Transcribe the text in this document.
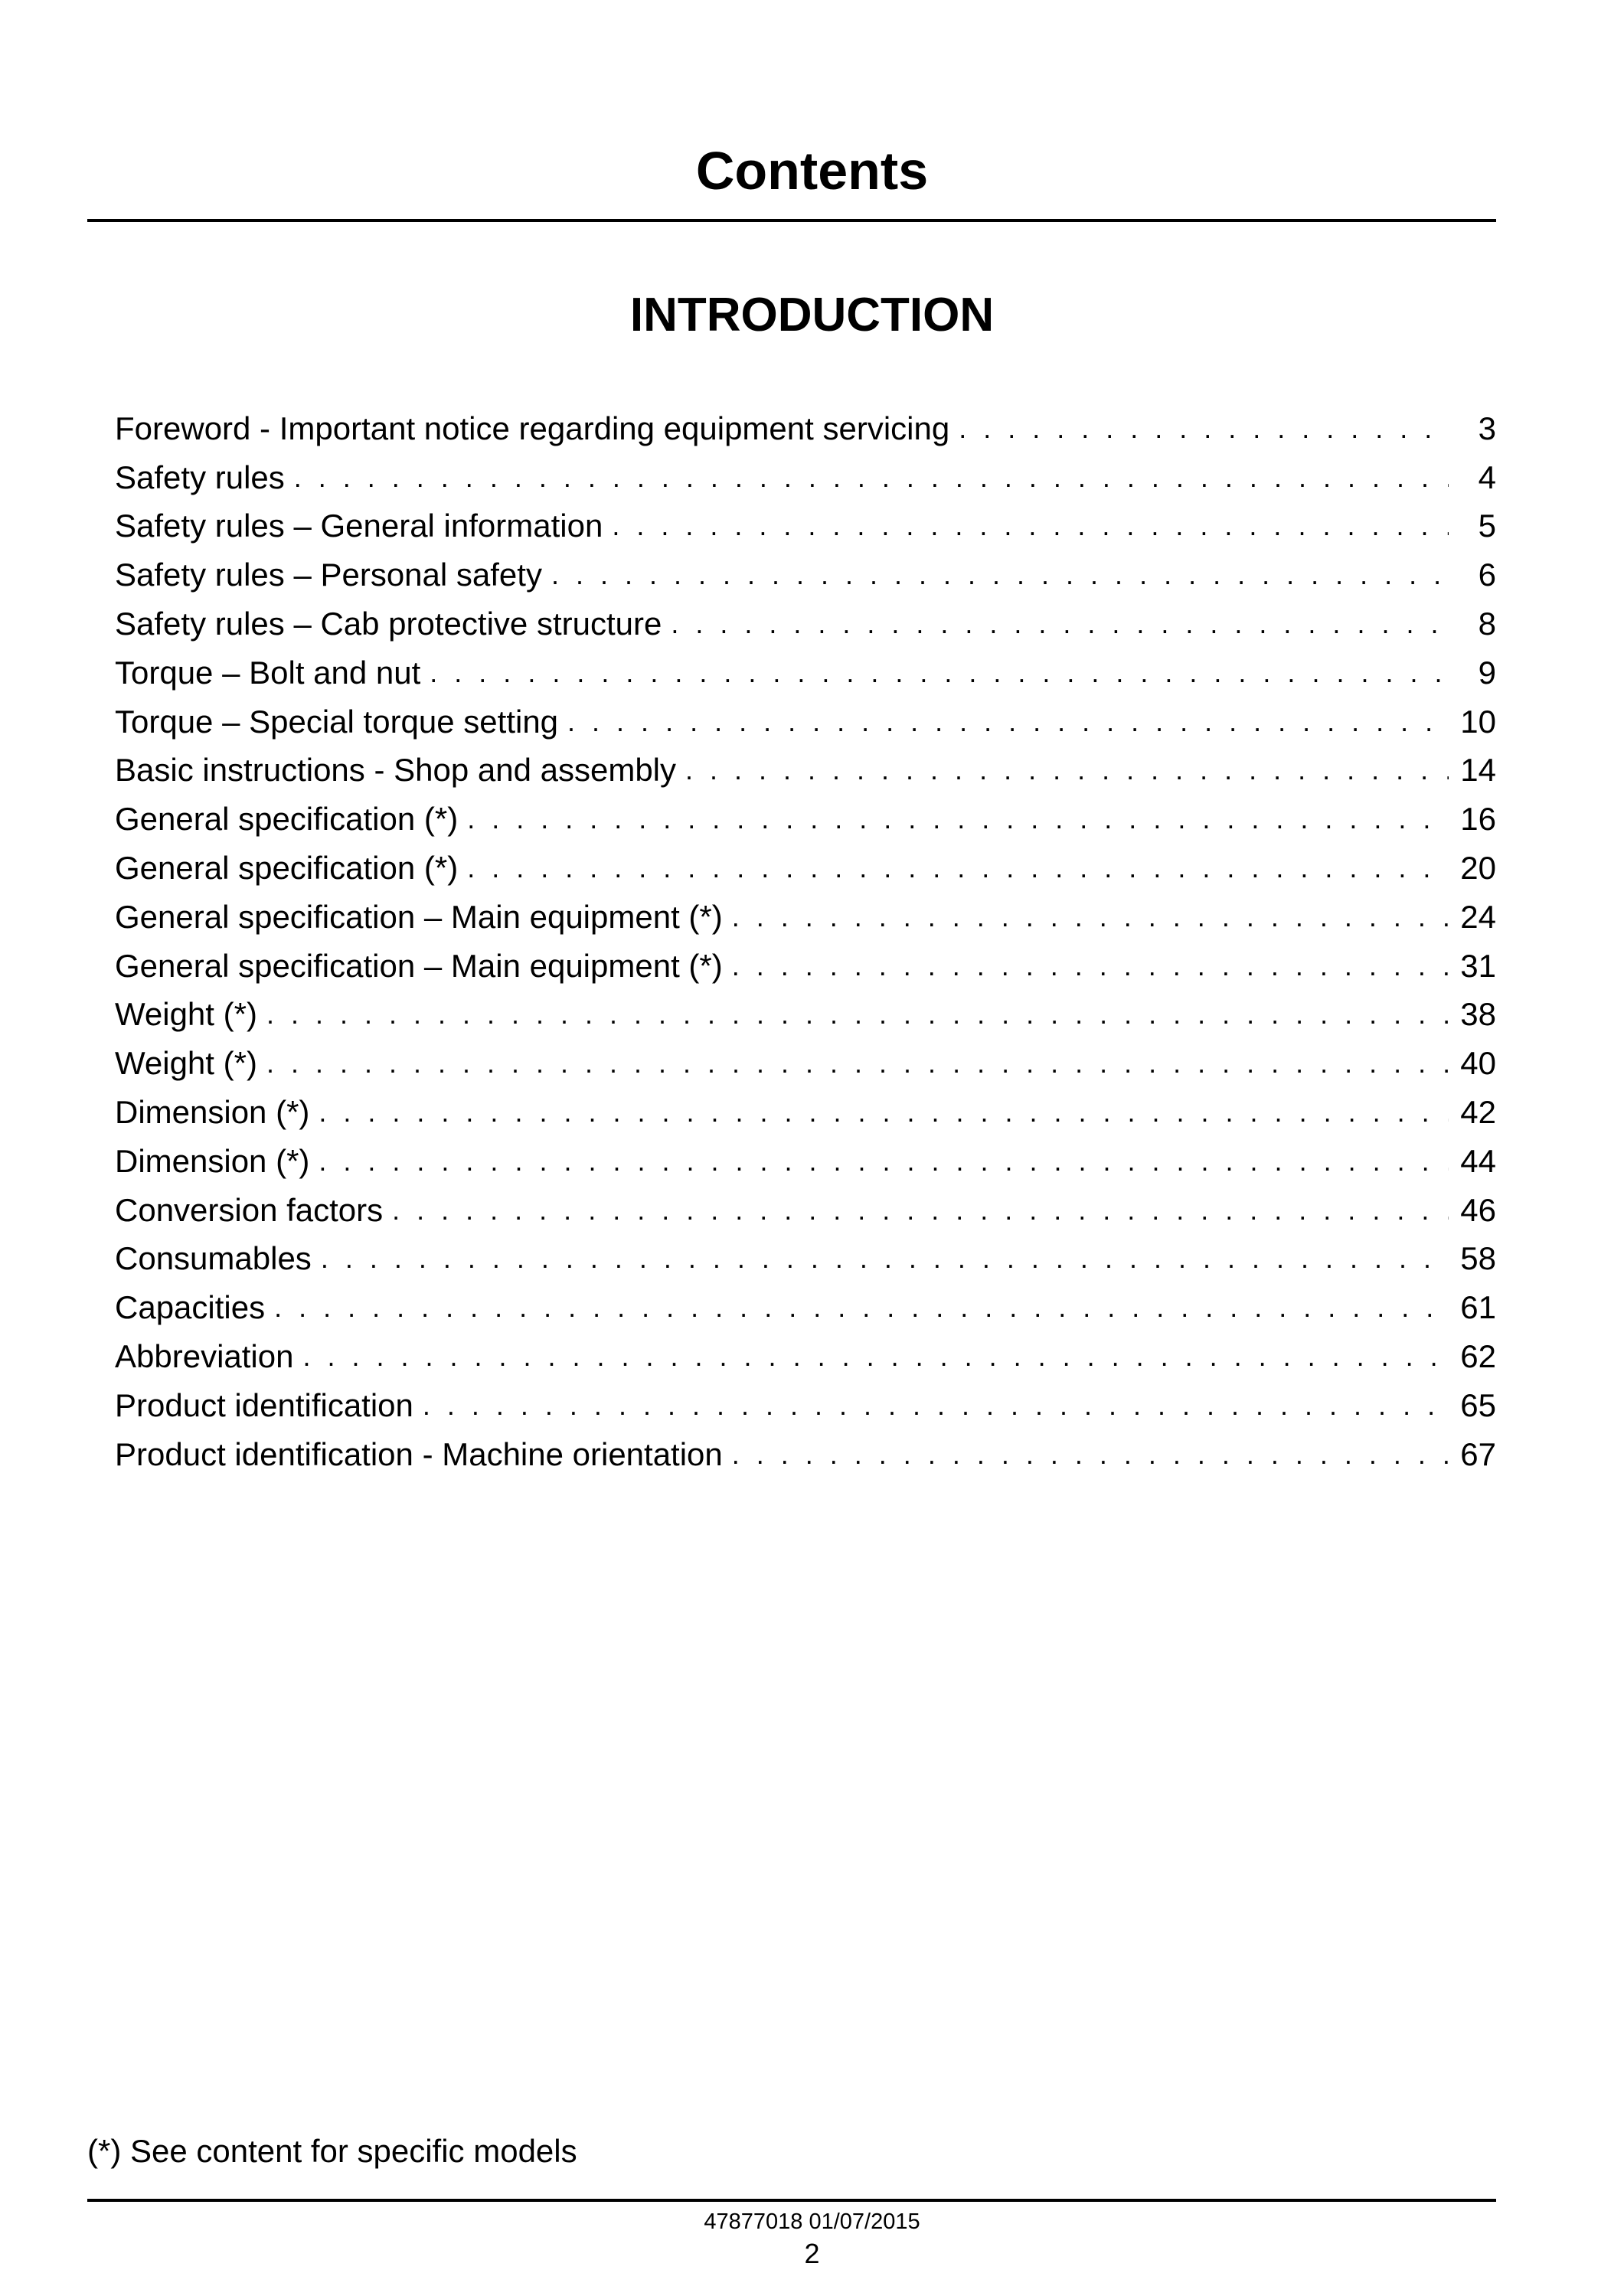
Contents
INTRODUCTION
Foreword - Important notice regarding equipment servicing . . .	3
Safety rules . . .	4
Safety rules – General information . . .	5
Safety rules – Personal safety . . .	6
Safety rules – Cab protective structure . . .	8
Torque – Bolt and nut . . .	9
Torque – Special torque setting . . .	10
Basic instructions - Shop and assembly . . .	14
General specification (*) . . .	16
General specification (*) . . .	20
General specification – Main equipment (*) . . .	24
General specification – Main equipment (*) . . .	31
Weight (*) . . .	38
Weight (*) . . .	40
Dimension (*) . . .	42
Dimension (*) . . .	44
Conversion factors . . .	46
Consumables . . .	58
Capacities . . .	61
Abbreviation . . .	62
Product identification . . .	65
Product identification - Machine orientation . . .	67
(*) See content for specific models
47877018 01/07/2015
2
